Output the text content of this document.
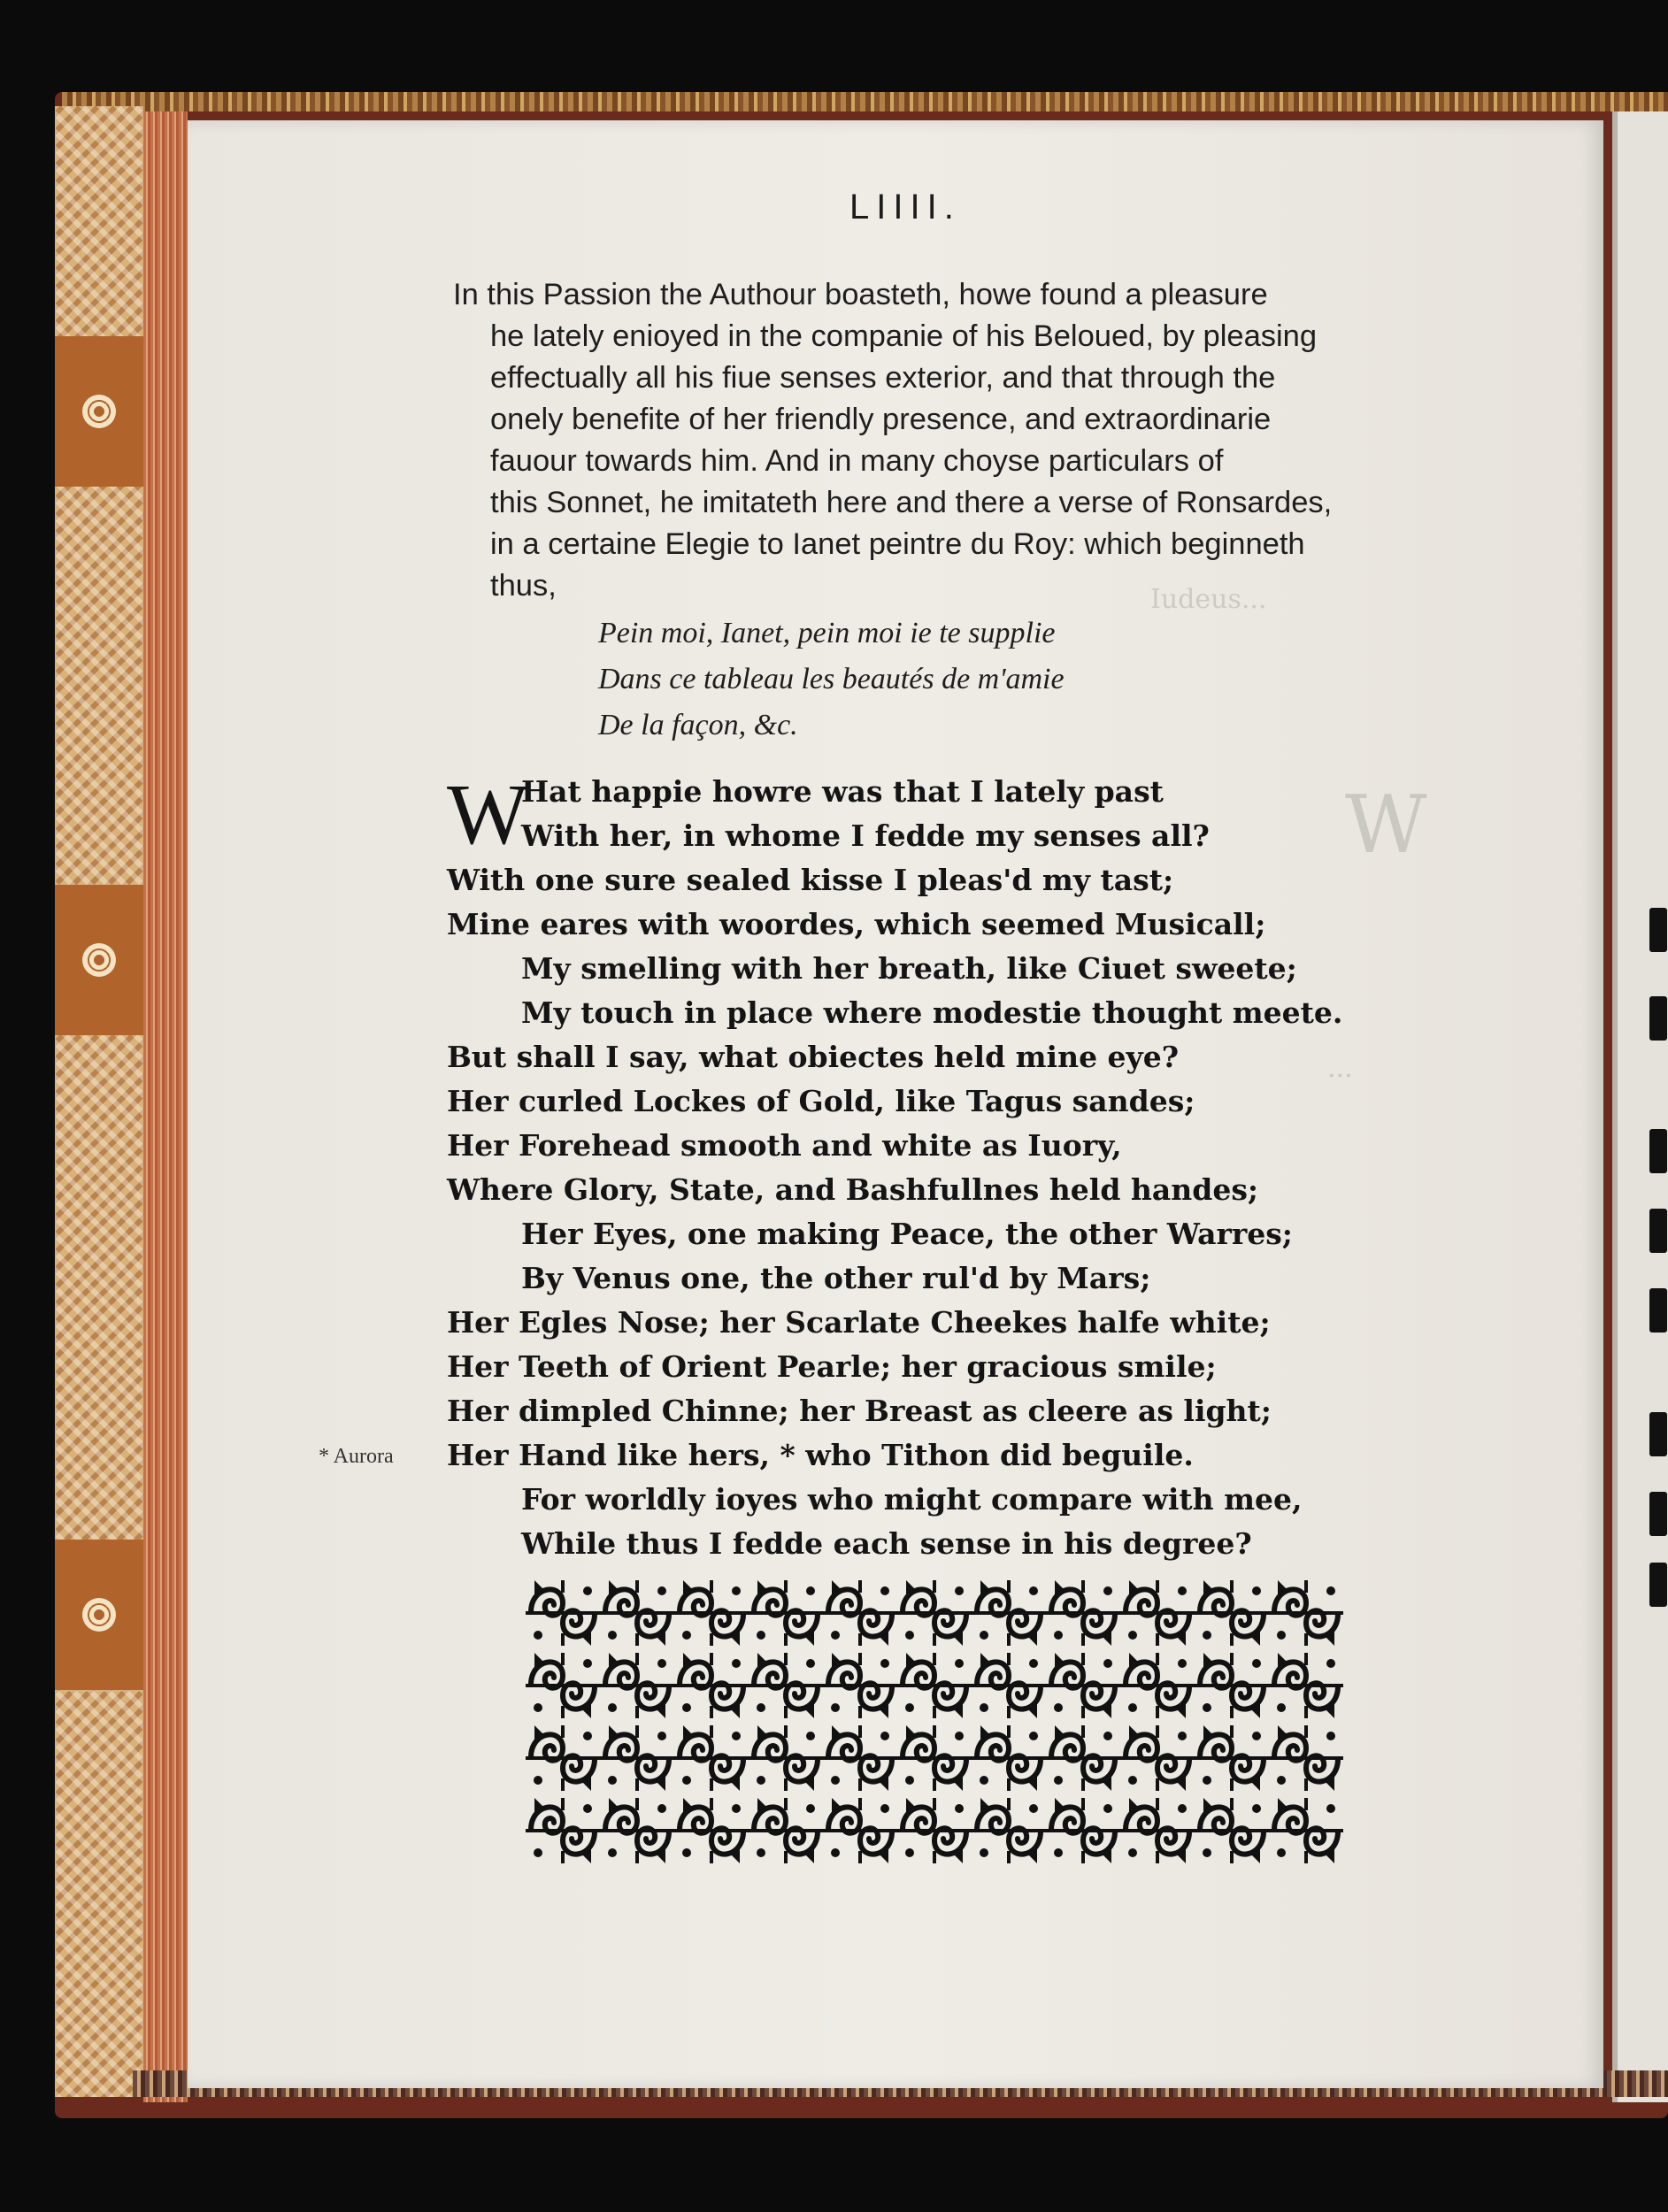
Iudeus...
W
...
LIIII.
In this Passion the Authour boasteth, howe found a pleasure
he lately enioyed in the companie of his Beloued, by pleasing
effectually all his fiue senses exterior, and that through the
onely benefite of her friendly presence, and extraordinarie
fauour towards him. And in many choyse particulars of
this Sonnet, he imitateth here and there a verse of Ronsardes,
in a certaine Elegie to Ianet peintre du Roy: which beginneth
thus,
Pein moi, Ianet, pein moi ie te supplie
Dans ce tableau les beautés de m'amie
De la façon, &c.
W
Hat happie howre was that I lately past
With her, in whome I fedde my senses all?
With one sure sealed kisse I pleas'd my tast;
Mine eares with woordes, which seemed Musicall;
My smelling with her breath, like Ciuet sweete;
My touch in place where modestie thought meete.
But shall I say, what obiectes held mine eye?
Her curled Lockes of Gold, like Tagus sandes;
Her Forehead smooth and white as Iuory,
Where Glory, State, and Bashfullnes held handes;
Her Eyes, one making Peace, the other Warres;
By Venus one, the other rul'd by Mars;
Her Egles Nose; her Scarlate Cheekes halfe white;
Her Teeth of Orient Pearle; her gracious smile;
Her dimpled Chinne; her Breast as cleere as light;
Her Hand like hers, * who Tithon did beguile.
For worldly ioyes who might compare with mee,
While thus I fedde each sense in his degree?
* Aurora
